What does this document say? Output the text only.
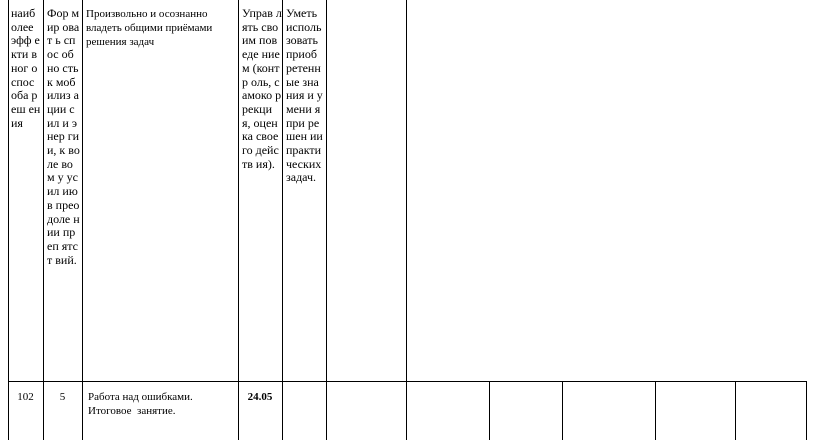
наиб олее эфф екти вног о спос оба реш ения
Фор мир оват ь спос обно сть к моб илиз ации сил и энер гии, к воле вом у усил ию в прео доле нии преп ятст вий.
Произвольно и осознанно владеть общими приёмами решения задач
Управ лять своим поведе нием (контр оль, самоко ррекци я, оценка своего действ ия).
Уметь исполь зовать приоб ретенн ые знания и умени я при решен ии практи ческих задач.
102	5	Работа над ошибками.
Итоговое  занятие.
24.05
